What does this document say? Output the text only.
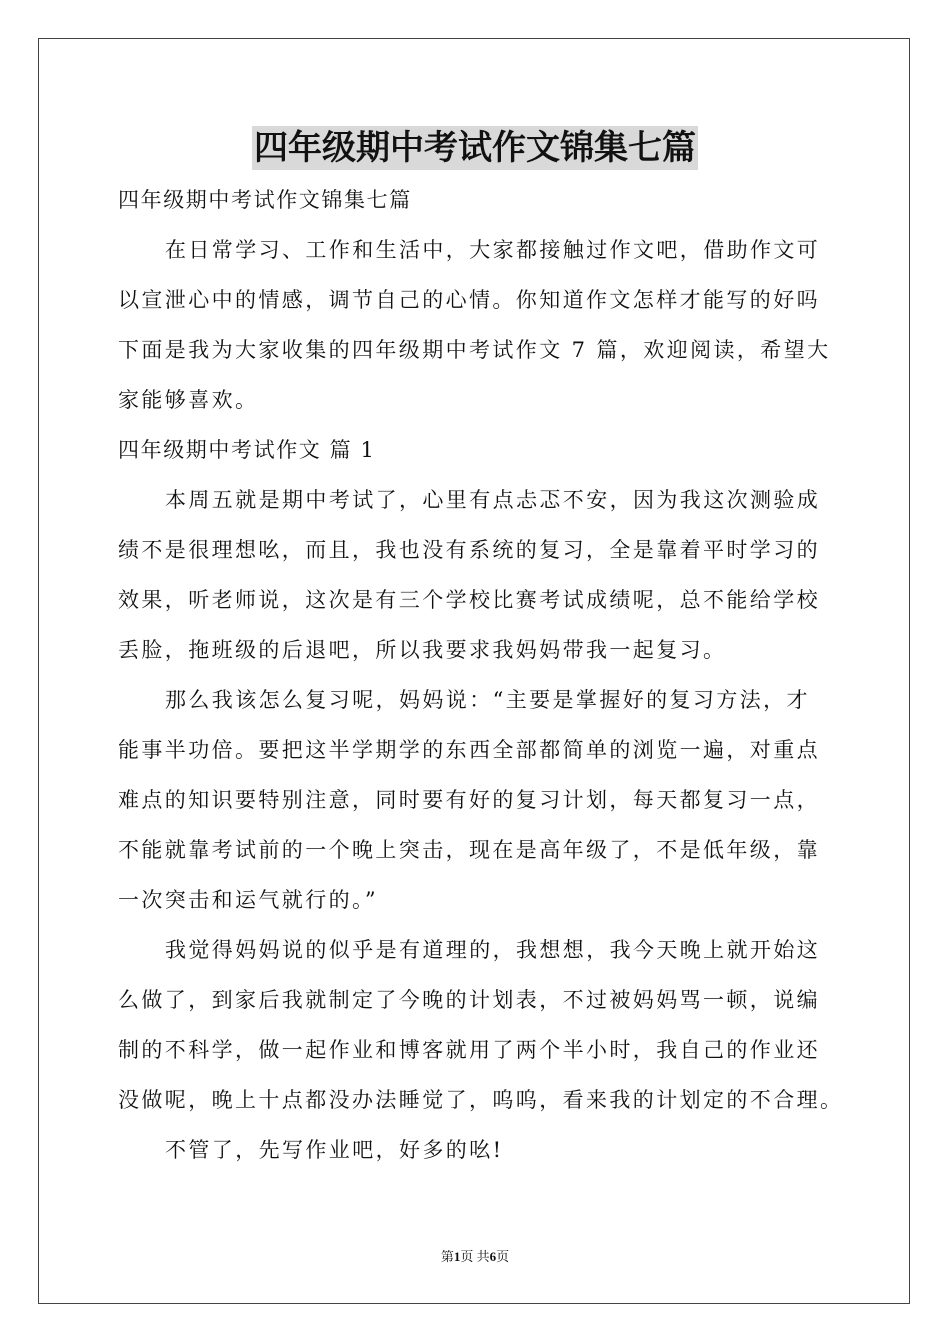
四年级期中考试作文锦集七篇
四年级期中考试作文锦集七篇
在日常学习、工作和生活中，大家都接触过作文吧，借助作文可
以宣泄心中的情感，调节自己的心情。你知道作文怎样才能写的好吗
下面是我为大家收集的四年级期中考试作文 7 篇，欢迎阅读，希望大
家能够喜欢。
四年级期中考试作文 篇 1
本周五就是期中考试了，心里有点忐忑不安，因为我这次测验成
绩不是很理想吆，而且，我也没有系统的复习，全是靠着平时学习的
效果，听老师说，这次是有三个学校比赛考试成绩呢，总不能给学校
丢脸，拖班级的后退吧，所以我要求我妈妈带我一起复习。
那么我该怎么复习呢，妈妈说：“主要是掌握好的复习方法，才
能事半功倍。要把这半学期学的东西全部都简单的浏览一遍，对重点
难点的知识要特别注意，同时要有好的复习计划，每天都复习一点，
不能就靠考试前的一个晚上突击，现在是高年级了，不是低年级，靠
一次突击和运气就行的。”
我觉得妈妈说的似乎是有道理的，我想想，我今天晚上就开始这
么做了，到家后我就制定了今晚的计划表，不过被妈妈骂一顿，说编
制的不科学，做一起作业和博客就用了两个半小时，我自己的作业还
没做呢，晚上十点都没办法睡觉了，呜呜，看来我的计划定的不合理。
不管了，先写作业吧，好多的吆!
第1页 共6页
